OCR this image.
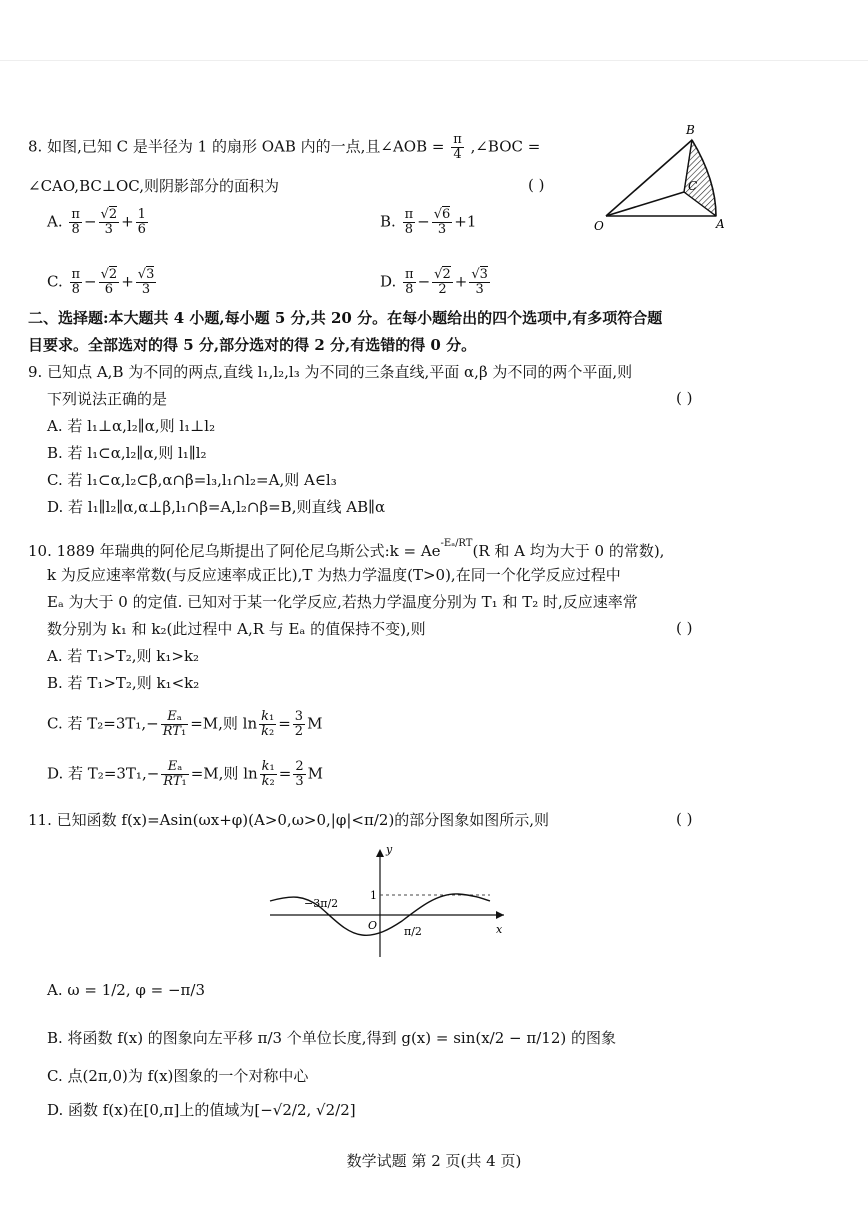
8. 如图,已知 C 是半径为 1 的扇形 OAB 内的一点,且∠AOB = $\frac{\pi}{4}$ ,∠BOC =
∠CAO,BC⊥OC,则阴影部分的面积为	( )
A. $\frac{\pi}{8} - \frac{√2}{3} + \frac{1}{6}$	B. $\frac{\pi}{8} - \frac{√6}{3} +1$
C. $\frac{\pi}{8} - \frac{√2}{6} + \frac{√3}{3}$	D. $\frac{\pi}{8} - \frac{√2}{2} + \frac{√3}{3}$
B
C
O	A
二、选择题:本大题共 4 小题,每小题 5 分,共 20 分。在每小题给出的四个选项中,有多项符合题
目要求。全部选对的得 5 分,部分选对的得 2 分,有选错的得 0 分。
9. 已知点 A,B 为不同的两点,直线 l₁,l₂,l₃ 为不同的三条直线,平面 α,β 为不同的两个平面,则
下列说法正确的是	( )
A. 若 l₁⊥α,l₂∥α,则 l₁⊥l₂
B. 若 l₁⊂α,l₂∥α,则 l₁∥l₂
C. 若 l₁⊂α,l₂⊂β,α∩β=l₃,l₁∩l₂=A,则 A∈l₃
D. 若 l₁∥l₂∥α,α⊥β,l₁∩β=A,l₂∩β=B,则直线 AB∥α
10. 1889 年瑞典的阿伦尼乌斯提出了阿伦尼乌斯公式:k = $Ae^{-E_a/RT}(R$ 和 A 均为大于 0 的常数),
k 为反应速率常数(与反应速率成正比),T 为热力学温度(T>0),在同一个化学反应过程中
Eₐ 为大于 0 的定值. 已知对于某一化学反应,若热力学温度分别为 T₁ 和 T₂ 时,反应速率常
数分别为 k₁ 和 k₂(此过程中 A,R 与 Eₐ 的值保持不变),则	( )
A. 若 T₁>T₂,则 k₁>k₂
B. 若 T₁>T₂,则 k₁<k₂
C. 若 $T_2=3T_1,- \frac{\text{Eₐ}}{\text{RT₁}} =M$,则 $\ln \frac{\text{k₁}}{\text{k₂}} = \frac{3}{2}$ M
D. 若 $T_2=3T_1,- \frac{\text{Eₐ}}{\text{RT₁}} =M$,则 $\ln \frac{\text{k₁}}{\text{k₂}} = \frac{2}{3}$ M
11. 已知函数 f(x)=Asin(ωx+φ)(A>0,ω>0,|φ|<π/2)的部分图象如图所示,则	( )
y
1
−3π/2
O π/2	x
A. ω = 1/2, φ = −π/3
B. 将函数 f(x) 的图象向左平移 π/3 个单位长度,得到 g(x) = sin(x/2 − π/12) 的图象
C. 点(2π,0)为 f(x)图象的一个对称中心
D. 函数 f(x)在[0,π]上的值域为[−√2/2, √2/2]
数学试题 第 2 页(共 4 页)
